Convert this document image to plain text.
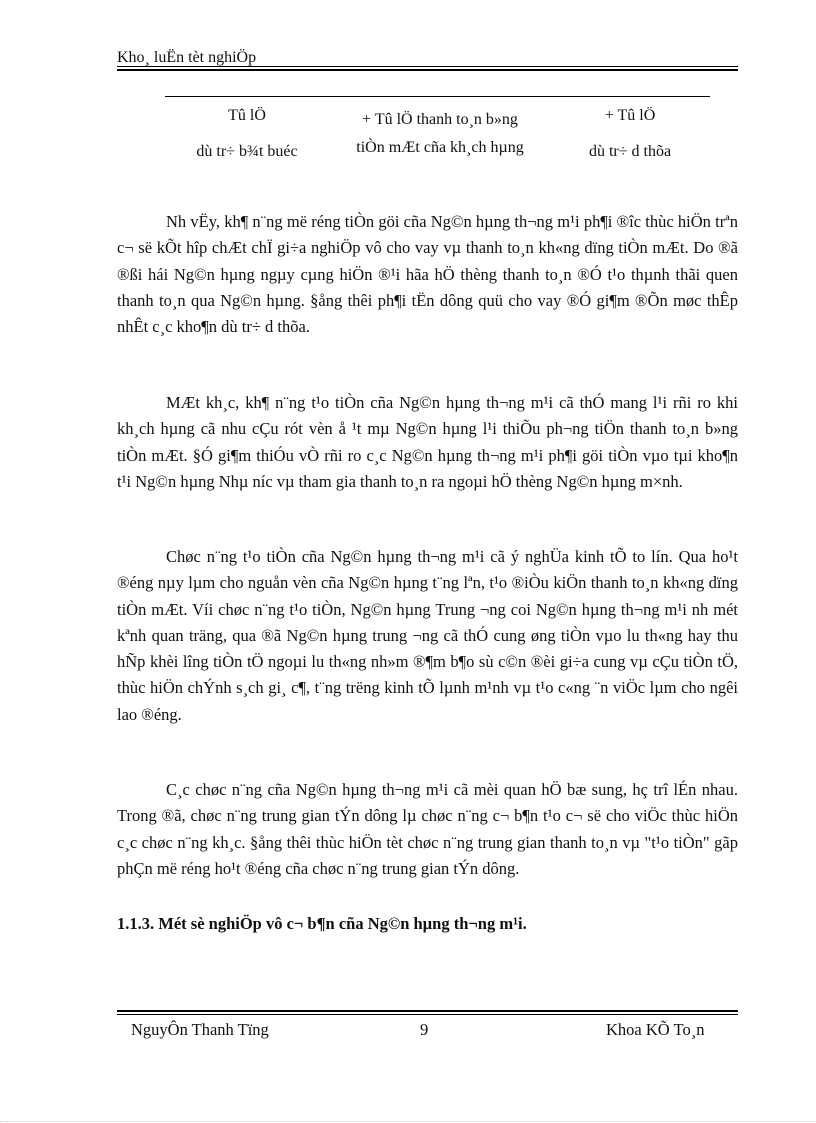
Kho¸ luËn tèt nghiÖp
Tû lÖ
dù tr÷ b¾t buéc
+ Tû lÖ thanh to¸n b»ng
tiÒn mÆt cña kh¸ch hµng
+ Tû lÖ
dù tr÷ d thõa

Nh vËy, kh¶ n¨ng më réng tiÒn göi cña Ng©n hµng th¬ng m¹i ph¶i ®îc thùc hiÖn trªn c¬ së kÕt hîp chÆt chÏ gi÷a nghiÖp vô cho vay vµ thanh to¸n kh«ng dïng tiÒn mÆt. Do ®ã ®ßi hái Ng©n hµng ngµy cµng hiÖn ®¹i hãa hÖ thèng thanh to¸n ®Ó t¹o thµnh thãi quen thanh to¸n qua Ng©n hµng. §ång thêi ph¶i tËn dông quü cho vay ®Ó gi¶m ®Õn møc thÊp nhÊt c¸c kho¶n dù tr÷ d thõa.

MÆt kh¸c, kh¶ n¨ng t¹o tiÒn cña Ng©n hµng th¬ng m¹i cã thÓ mang l¹i rñi ro khi kh¸ch hµng cã nhu cÇu rót vèn å ¹t mµ Ng©n hµng l¹i thiÕu ph¬ng tiÖn thanh to¸n b»ng tiÒn mÆt. §Ó gi¶m thiÓu vÒ rñi ro c¸c Ng©n hµng th¬ng m¹i ph¶i göi tiÒn vµo tµi kho¶n t¹i Ng©n hµng Nhµ níc vµ tham gia thanh to¸n ra ngoµi hÖ thèng Ng©n hµng m×nh.

Chøc n¨ng t¹o tiÒn cña Ng©n hµng th¬ng m¹i cã ý nghÜa kinh tÕ to lín. Qua ho¹t ®éng nµy lµm cho nguån vèn cña Ng©n hµng t¨ng lªn, t¹o ®iÒu kiÖn thanh to¸n kh«ng dïng tiÒn mÆt. Víi chøc n¨ng t¹o tiÒn, Ng©n hµng Trung ¬ng coi Ng©n hµng th¬ng m¹i nh mét kªnh quan träng, qua ®ã Ng©n hµng trung ¬ng cã thÓ cung øng tiÒn vµo lu th«ng hay thu hÑp khèi lîng tiÒn tÖ ngoµi lu th«ng nh»m ®¶m b¶o sù c©n ®èi gi÷a cung vµ cÇu tiÒn tÖ, thùc hiÖn chÝnh s¸ch gi¸ c¶, t¨ng trëng kinh tÕ lµnh m¹nh vµ t¹o c«ng ¨n viÖc lµm cho ngêi lao ®éng.

C¸c chøc n¨ng cña Ng©n hµng th¬ng m¹i cã mèi quan hÖ bæ sung, hç trî lÉn nhau. Trong ®ã, chøc n¨ng trung gian tÝn dông lµ chøc n¨ng c¬ b¶n t¹o c¬ së cho viÖc thùc hiÖn c¸c chøc n¨ng kh¸c. §ång thêi thùc hiÖn tèt chøc n¨ng trung gian thanh to¸n vµ "t¹o tiÒn" gãp phÇn më réng ho¹t ®éng cña chøc n¨ng trung gian tÝn dông.

1.1.3. Mét sè nghiÖp vô c¬ b¶n cña Ng©n hµng th¬ng m¹i.
NguyÔn Thanh Tïng	9	Khoa KÕ To¸n
